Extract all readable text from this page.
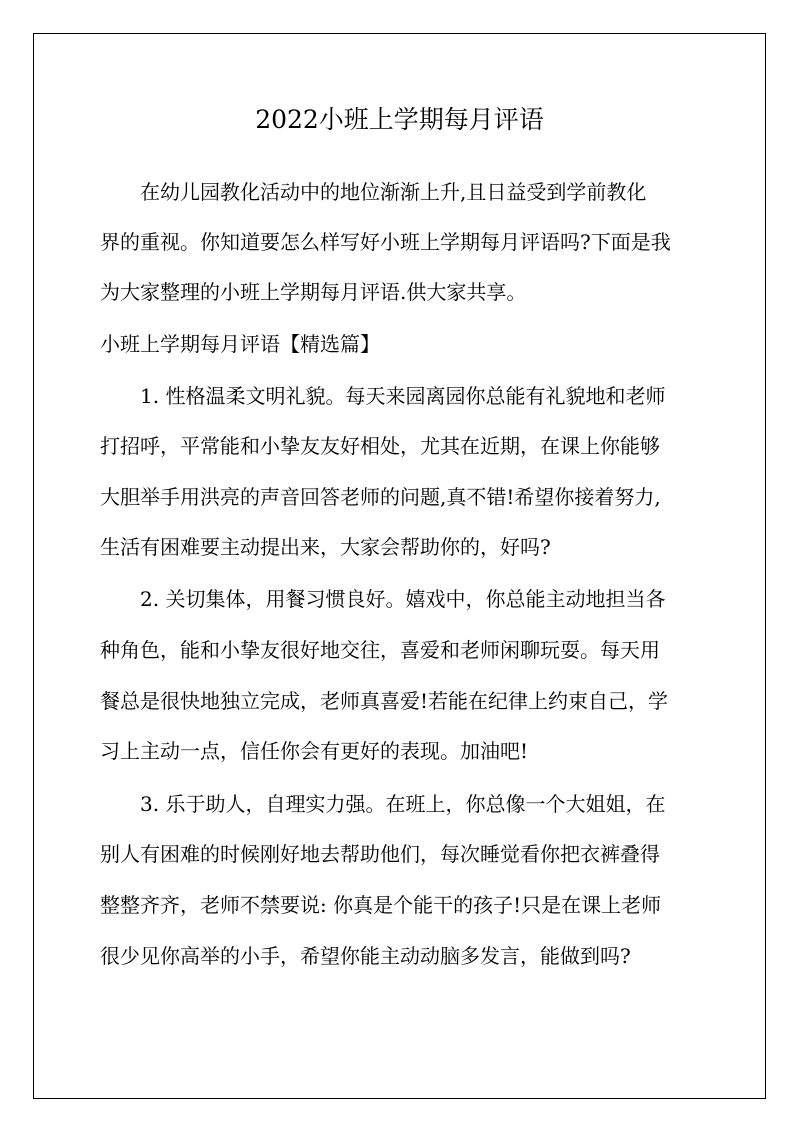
2022小班上学期每月评语
在幼儿园教化活动中的地位渐渐上升,且日益受到学前教化
界的重视。你知道要怎么样写好小班上学期每月评语吗?下面是我
为大家整理的小班上学期每月评语.供大家共享。
小班上学期每月评语【精选篇】
1. 性格温柔文明礼貌。每天来园离园你总能有礼貌地和老师
打招呼，平常能和小挚友友好相处，尤其在近期，在课上你能够
大胆举手用洪亮的声音回答老师的问题,真不错!希望你接着努力,
生活有困难要主动提出来，大家会帮助你的，好吗?
2. 关切集体，用餐习惯良好。嬉戏中，你总能主动地担当各
种角色，能和小挚友很好地交往，喜爱和老师闲聊玩耍。每天用
餐总是很快地独立完成，老师真喜爱!若能在纪律上约束自己，学
习上主动一点，信任你会有更好的表现。加油吧!
3. 乐于助人，自理实力强。在班上，你总像一个大姐姐，在
别人有困难的时候刚好地去帮助他们，每次睡觉看你把衣裤叠得
整整齐齐，老师不禁要说: 你真是个能干的孩子!只是在课上老师
很少见你高举的小手，希望你能主动动脑多发言，能做到吗?
